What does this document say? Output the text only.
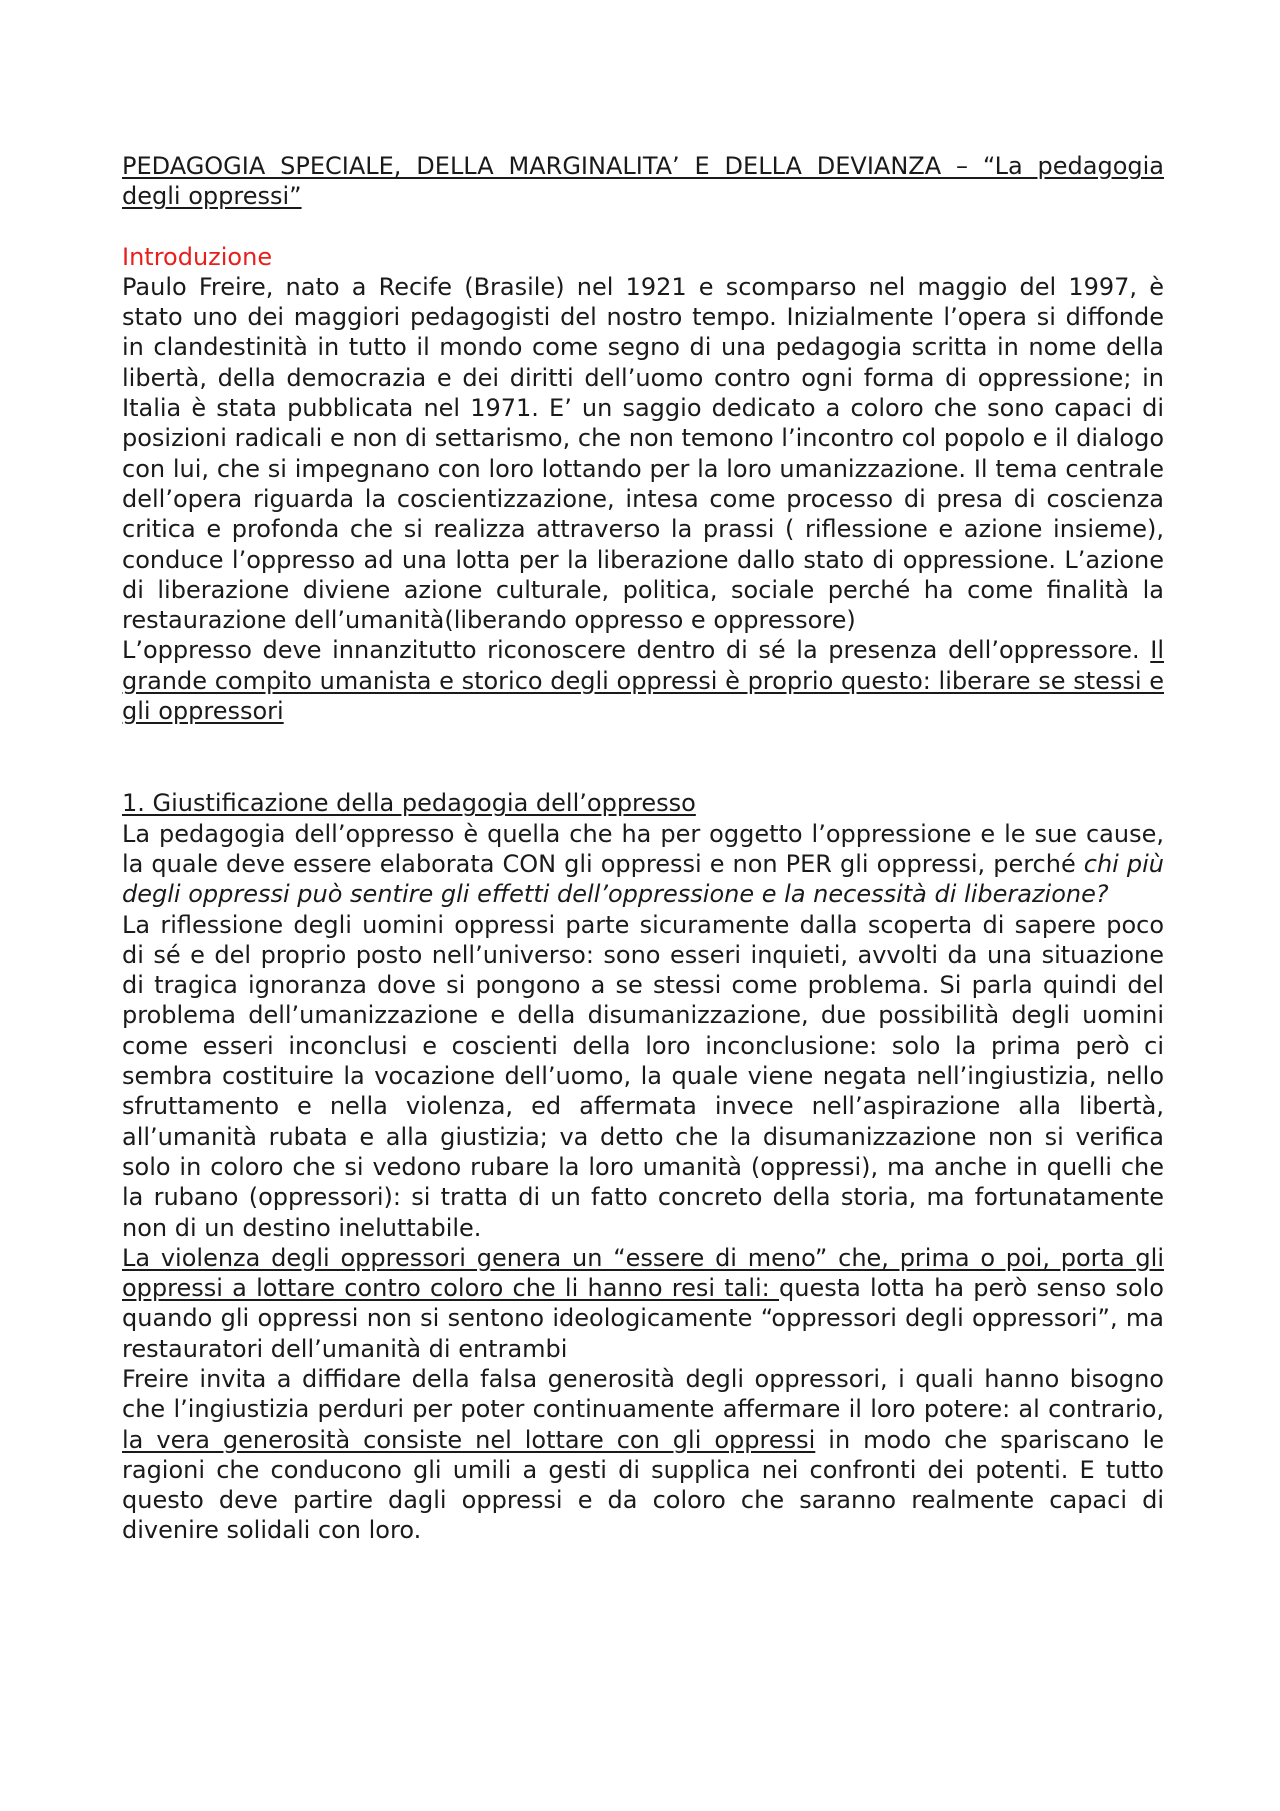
PEDAGOGIA SPECIALE, DELLA MARGINALITA’ E DELLA DEVIANZA – “La pedagogia degli oppressi”

Introduzione

Paulo Freire, nato a Recife (Brasile) nel 1921 e scomparso nel maggio del 1997, è stato uno dei maggiori pedagogisti del nostro tempo. Inizialmente l’opera si diffonde in clandestinità in tutto il mondo come segno di una pedagogia scritta in nome della libertà, della democrazia e dei diritti dell’uomo contro ogni forma di oppressione; in Italia è stata pubblicata nel 1971. E’ un saggio dedicato a coloro che sono capaci di posizioni radicali e non di settarismo, che non temono l’incontro col popolo e il dialogo con lui, che si impegnano con loro lottando per la loro umanizzazione. Il tema centrale dell’opera riguarda la coscientizzazione, intesa come processo di presa di coscienza critica e profonda che si realizza attraverso la prassi ( riflessione e azione insieme), conduce l’oppresso ad una lotta per la liberazione dallo stato di oppressione. L’azione di liberazione diviene azione culturale, politica, sociale perché ha come finalità la restaurazione dell’umanità(liberando oppresso e oppressore)

L’oppresso deve innanzitutto riconoscere dentro di sé la presenza dell’oppressore. Il grande compito umanista e storico degli oppressi è proprio questo: liberare se stessi e gli oppressori

1. Giustificazione della pedagogia dell’oppresso

La pedagogia dell’oppresso è quella che ha per oggetto l’oppressione e le sue cause, la quale deve essere elaborata CON gli oppressi e non PER gli oppressi, perché chi più degli oppressi può sentire gli effetti dell’oppressione e la necessità di liberazione?

La riflessione degli uomini oppressi parte sicuramente dalla scoperta di sapere poco di sé e del proprio posto nell’universo: sono esseri inquieti, avvolti da una situazione di tragica ignoranza dove si pongono a se stessi come problema. Si parla quindi del problema dell’umanizzazione e della disumanizzazione, due possibilità degli uomini come esseri inconclusi e coscienti della loro inconclusione: solo la prima però ci sembra costituire la vocazione dell’uomo, la quale viene negata nell’ingiustizia, nello sfruttamento e nella violenza, ed affermata invece nell’aspirazione alla libertà, all’umanità rubata e alla giustizia; va detto che la disumanizzazione non si verifica solo in coloro che si vedono rubare la loro umanità (oppressi), ma anche in quelli che la rubano (oppressori): si tratta di un fatto concreto della storia, ma fortunatamente non di un destino ineluttabile.

La violenza degli oppressori genera un “essere di meno” che, prima o poi, porta gli oppressi a lottare contro coloro che li hanno resi tali: questa lotta ha però senso solo quando gli oppressi non si sentono ideologicamente “oppressori degli oppressori”, ma restauratori dell’umanità di entrambi

Freire invita a diffidare della falsa generosità degli oppressori, i quali hanno bisogno che l’ingiustizia perduri per poter continuamente affermare il loro potere: al contrario, la vera generosità consiste nel lottare con gli oppressi in modo che spariscano le ragioni che conducono gli umili a gesti di supplica nei confronti dei potenti. E tutto questo deve partire dagli oppressi e da coloro che saranno realmente capaci di divenire solidali con loro.
